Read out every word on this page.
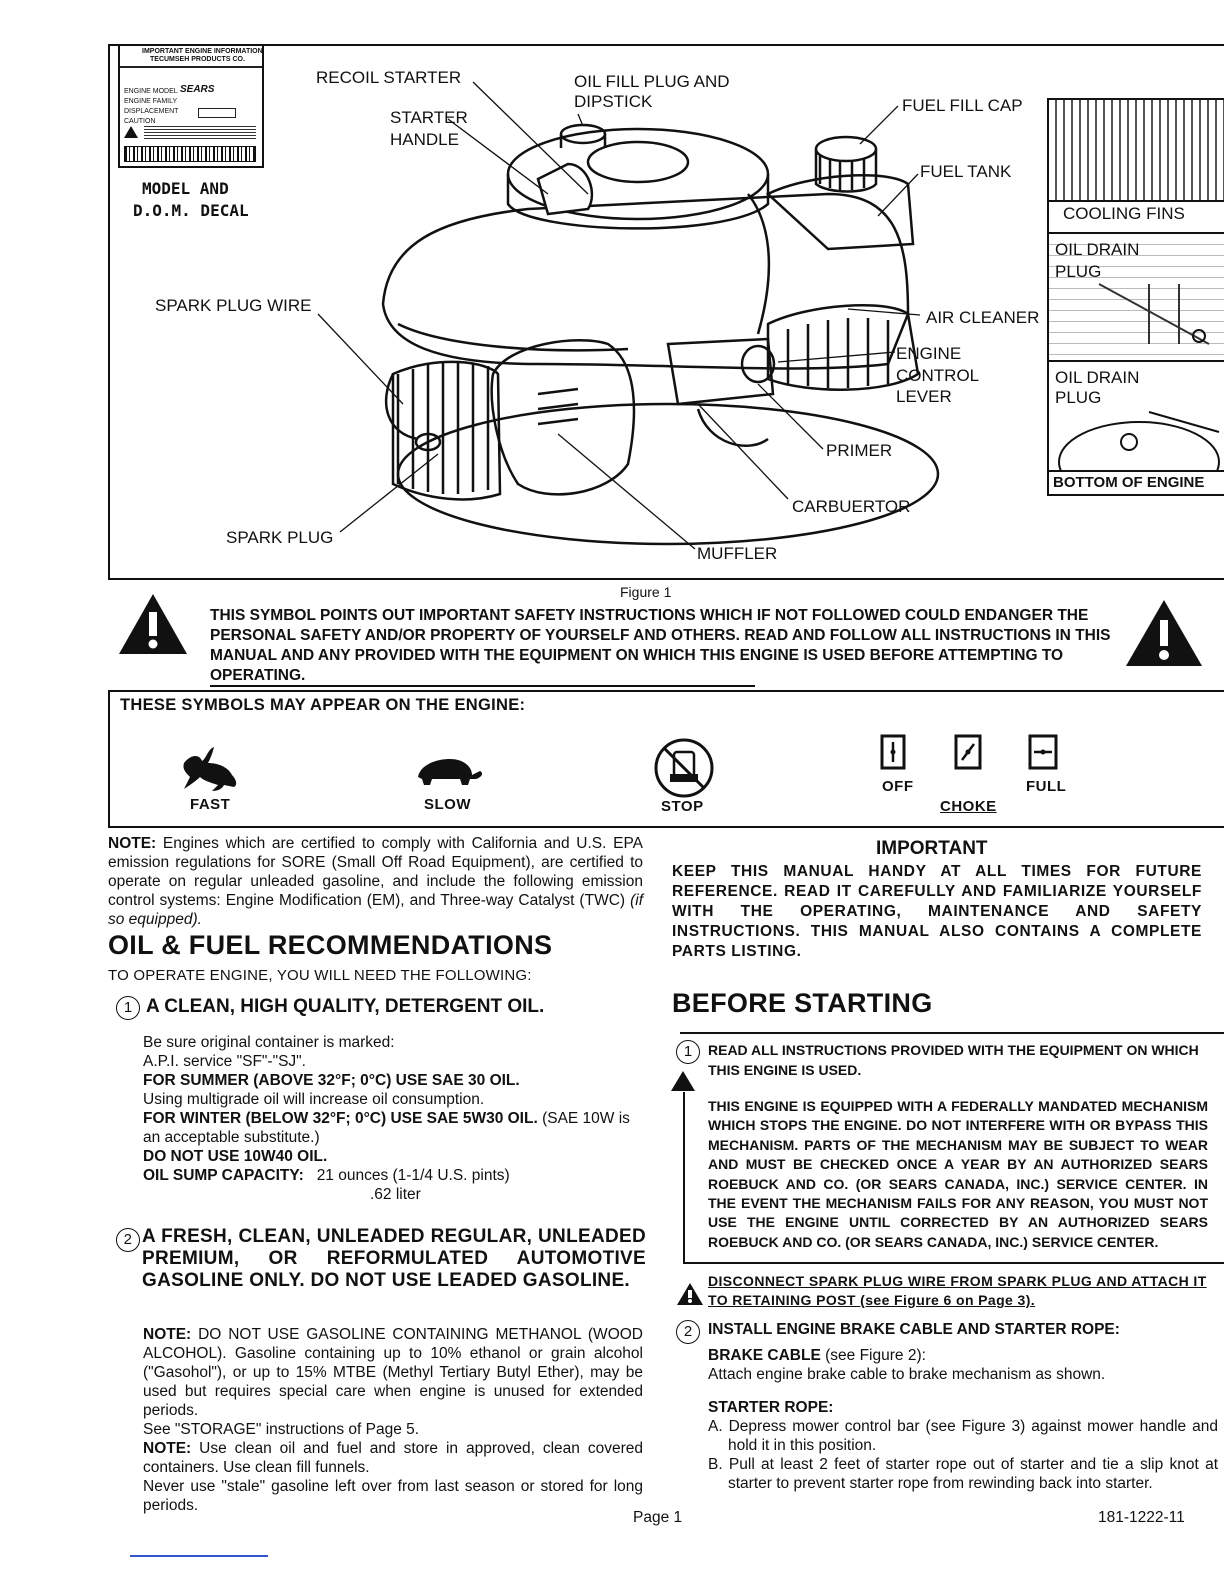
IMPORTANT ENGINE INFORMATION
TECUMSEH PRODUCTS CO.
SEARS
ENGINE MODEL
ENGINE FAMILY
DISPLACEMENT
CAUTION
MODEL AND
D.O.M. DECAL
RECOIL STARTER
STARTER
HANDLE
OIL FILL PLUG AND
DIPSTICK	FUEL FILL CAP
FUEL TANK
SPARK PLUG WIRE
AIR CLEANER
ENGINE
CONTROL
LEVER
PRIMER
CARBUERTOR
SPARK PLUG
MUFFLER
COOLING FINS
OIL DRAIN
PLUG
OIL DRAIN
PLUG
BOTTOM OF ENGINE
Figure 1
THIS SYMBOL POINTS OUT IMPORTANT SAFETY INSTRUCTIONS WHICH IF NOT FOLLOWED COULD ENDANGER THE PERSONAL SAFETY AND/OR PROPERTY OF YOURSELF AND OTHERS. READ AND FOLLOW ALL INSTRUCTIONS IN THIS MANUAL AND ANY PROVIDED WITH THE EQUIPMENT ON WHICH THIS ENGINE IS USED BEFORE ATTEMPTING TO OPERATING.
THESE SYMBOLS MAY APPEAR ON THE ENGINE:
FAST	SLOW	STOP
OFF	FULL
CHOKE
NOTE: Engines which are certified to comply with California and U.S. EPA emission regulations for SORE (Small Off Road Equipment), are certified to operate on regular unleaded gasoline, and include the following emission control systems: Engine Modification (EM), and Three-way Catalyst (TWC) (if so equipped).
OIL & FUEL RECOMMENDATIONS
TO OPERATE ENGINE, YOU WILL NEED THE FOLLOWING:
1 A CLEAN, HIGH QUALITY, DETERGENT OIL.
Be sure original container is marked:
A.P.I. service "SF"-"SJ".
FOR SUMMER (ABOVE 32°F; 0°C) USE SAE 30 OIL.
Using multigrade oil will increase oil consumption.
FOR WINTER (BELOW 32°F; 0°C) USE SAE 5W30 OIL. (SAE 10W is an acceptable substitute.)
DO NOT USE 10W40 OIL.
OIL SUMP CAPACITY: 21 ounces (1-1/4 U.S. pints)
.62 liter
2 A FRESH, CLEAN, UNLEADED REGULAR, UNLEADED PREMIUM, OR REFORMULATED AUTOMOTIVE GASOLINE ONLY. DO NOT USE LEADED GASOLINE.
NOTE: DO NOT USE GASOLINE CONTAINING METHANOL (WOOD ALCOHOL). Gasoline containing up to 10% ethanol or grain alcohol ("Gasohol"), or up to 15% MTBE (Methyl Tertiary Butyl Ether), may be used but requires special care when engine is unused for extended periods.
See "STORAGE" instructions of Page 5.
NOTE: Use clean oil and fuel and store in approved, clean covered containers. Use clean fill funnels.
Never use "stale" gasoline left over from last season or stored for long periods.
IMPORTANT
KEEP THIS MANUAL HANDY AT ALL TIMES FOR FUTURE REFERENCE. READ IT CAREFULLY AND FAMILIARIZE YOURSELF WITH THE OPERATING, MAINTENANCE AND SAFETY INSTRUCTIONS. THIS MANUAL ALSO CONTAINS A COMPLETE PARTS LISTING.
BEFORE STARTING
1	READ ALL INSTRUCTIONS PROVIDED WITH THE EQUIPMENT ON WHICH THIS ENGINE IS USED.
THIS ENGINE IS EQUIPPED WITH A FEDERALLY MANDATED MECHANISM WHICH STOPS THE ENGINE. DO NOT INTERFERE WITH OR BYPASS THIS MECHANISM. PARTS OF THE MECHANISM MAY BE SUBJECT TO WEAR AND MUST BE CHECKED ONCE A YEAR BY AN AUTHORIZED SEARS ROEBUCK AND CO. (OR SEARS CANADA, INC.) SERVICE CENTER. IN THE EVENT THE MECHANISM FAILS FOR ANY REASON, YOU MUST NOT USE THE ENGINE UNTIL CORRECTED BY AN AUTHORIZED SEARS ROEBUCK AND CO. (OR SEARS CANADA, INC.) SERVICE CENTER.
DISCONNECT SPARK PLUG WIRE FROM SPARK PLUG AND ATTACH IT TO RETAINING POST (see Figure 6 on Page 3).
2	INSTALL ENGINE BRAKE CABLE AND STARTER ROPE:
BRAKE CABLE (see Figure 2):
Attach engine brake cable to brake mechanism as shown.
STARTER ROPE:
A. Depress mower control bar (see Figure 3) against mower handle and hold it in this position.
B. Pull at least 2 feet of starter rope out of starter and tie a slip knot at starter to prevent starter rope from rewinding back into starter.
Page 1	181-1222-11
